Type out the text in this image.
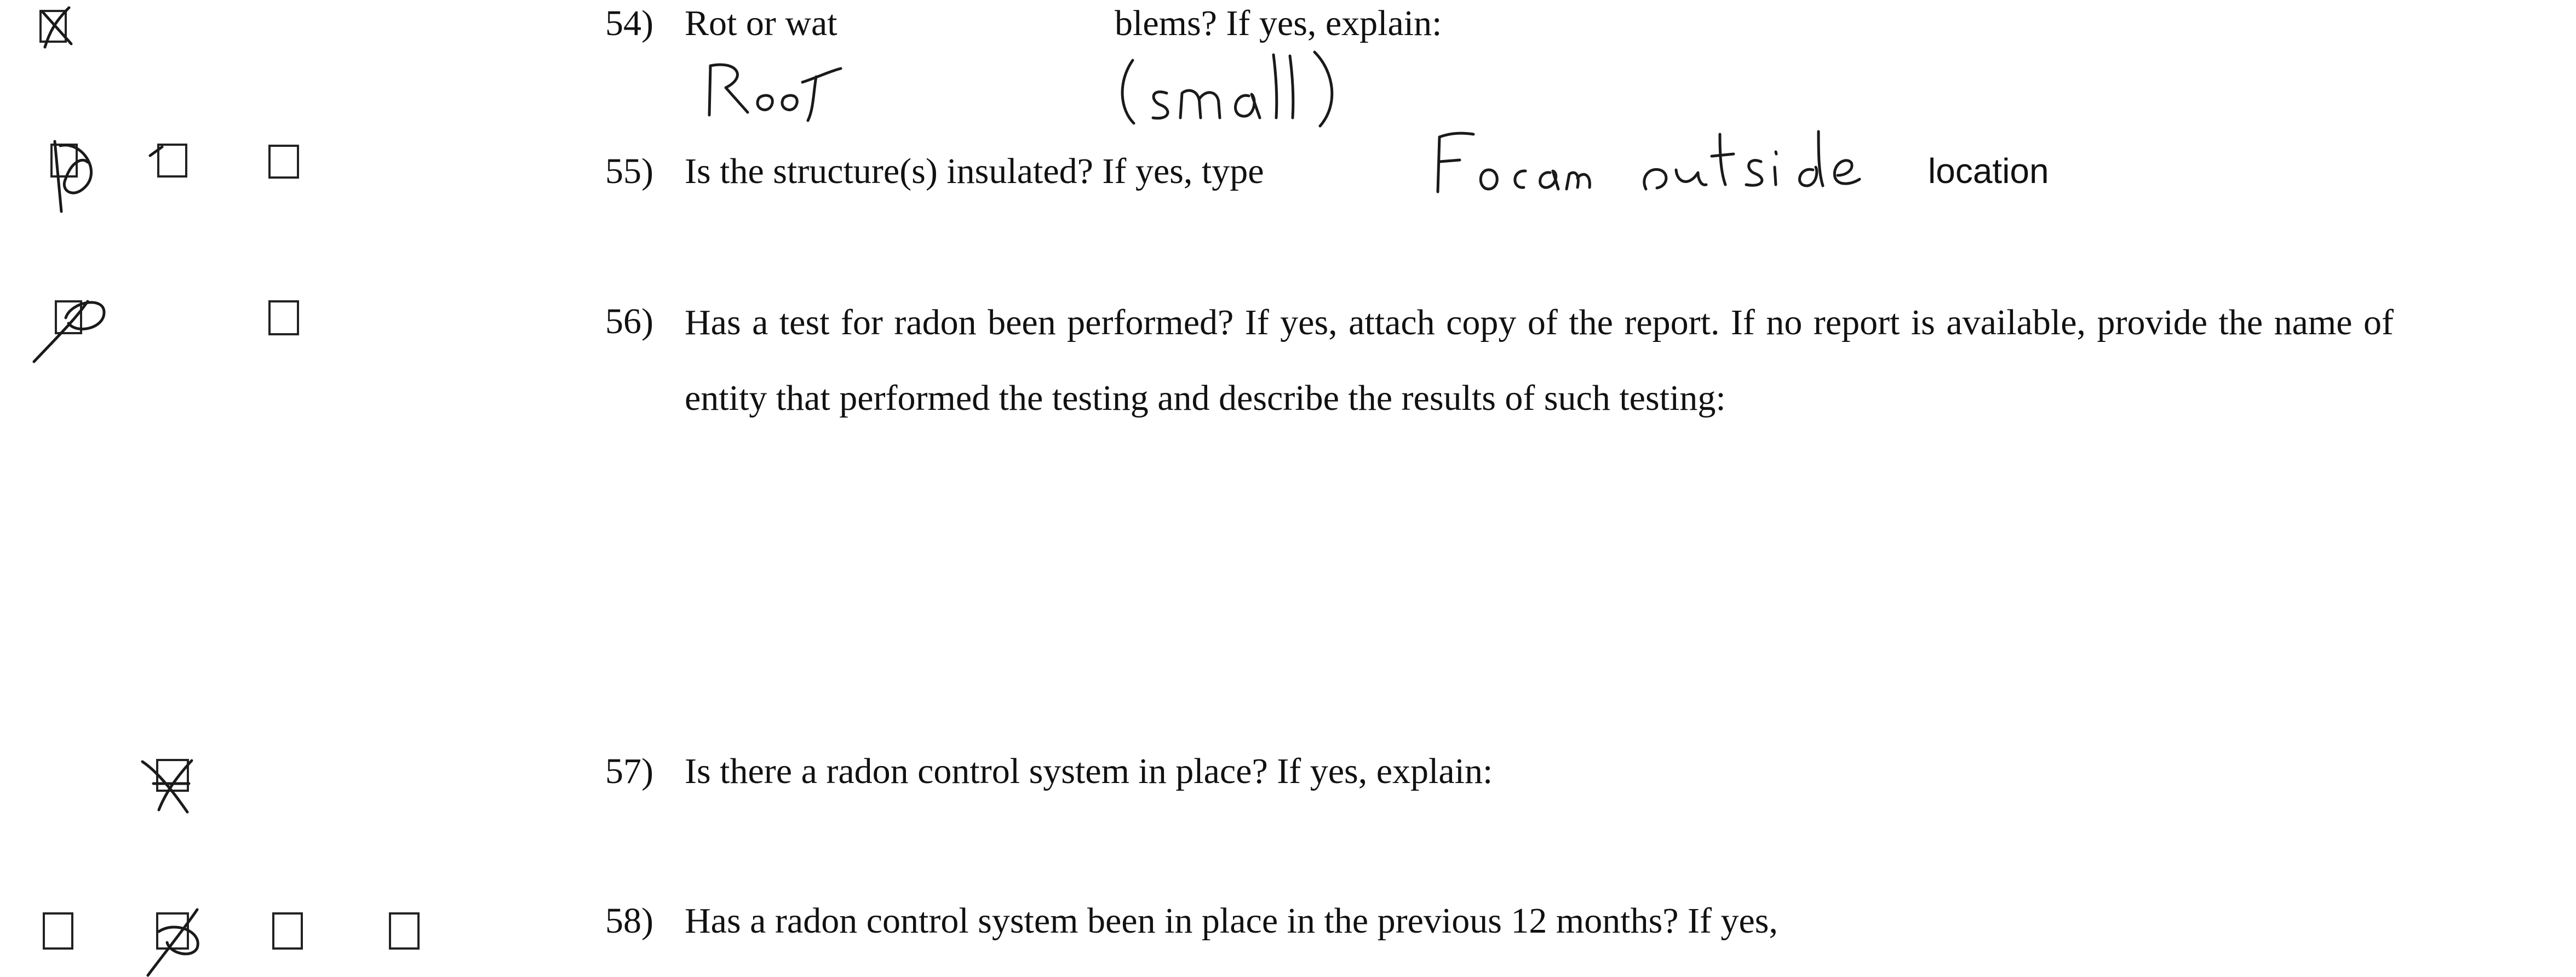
54) Rot or wat	blems? If yes, explain:
55) Is the structure(s) insulated? If yes, type	location
56) Has a test for radon been performed? If yes, attach copy of the report. If no report is available, provide the name of entity that performed the testing and describe the results of such testing:
57) Is there a radon control system in place? If yes, explain:
58) Has a radon control system been in place in the previous 12 months? If yes,
